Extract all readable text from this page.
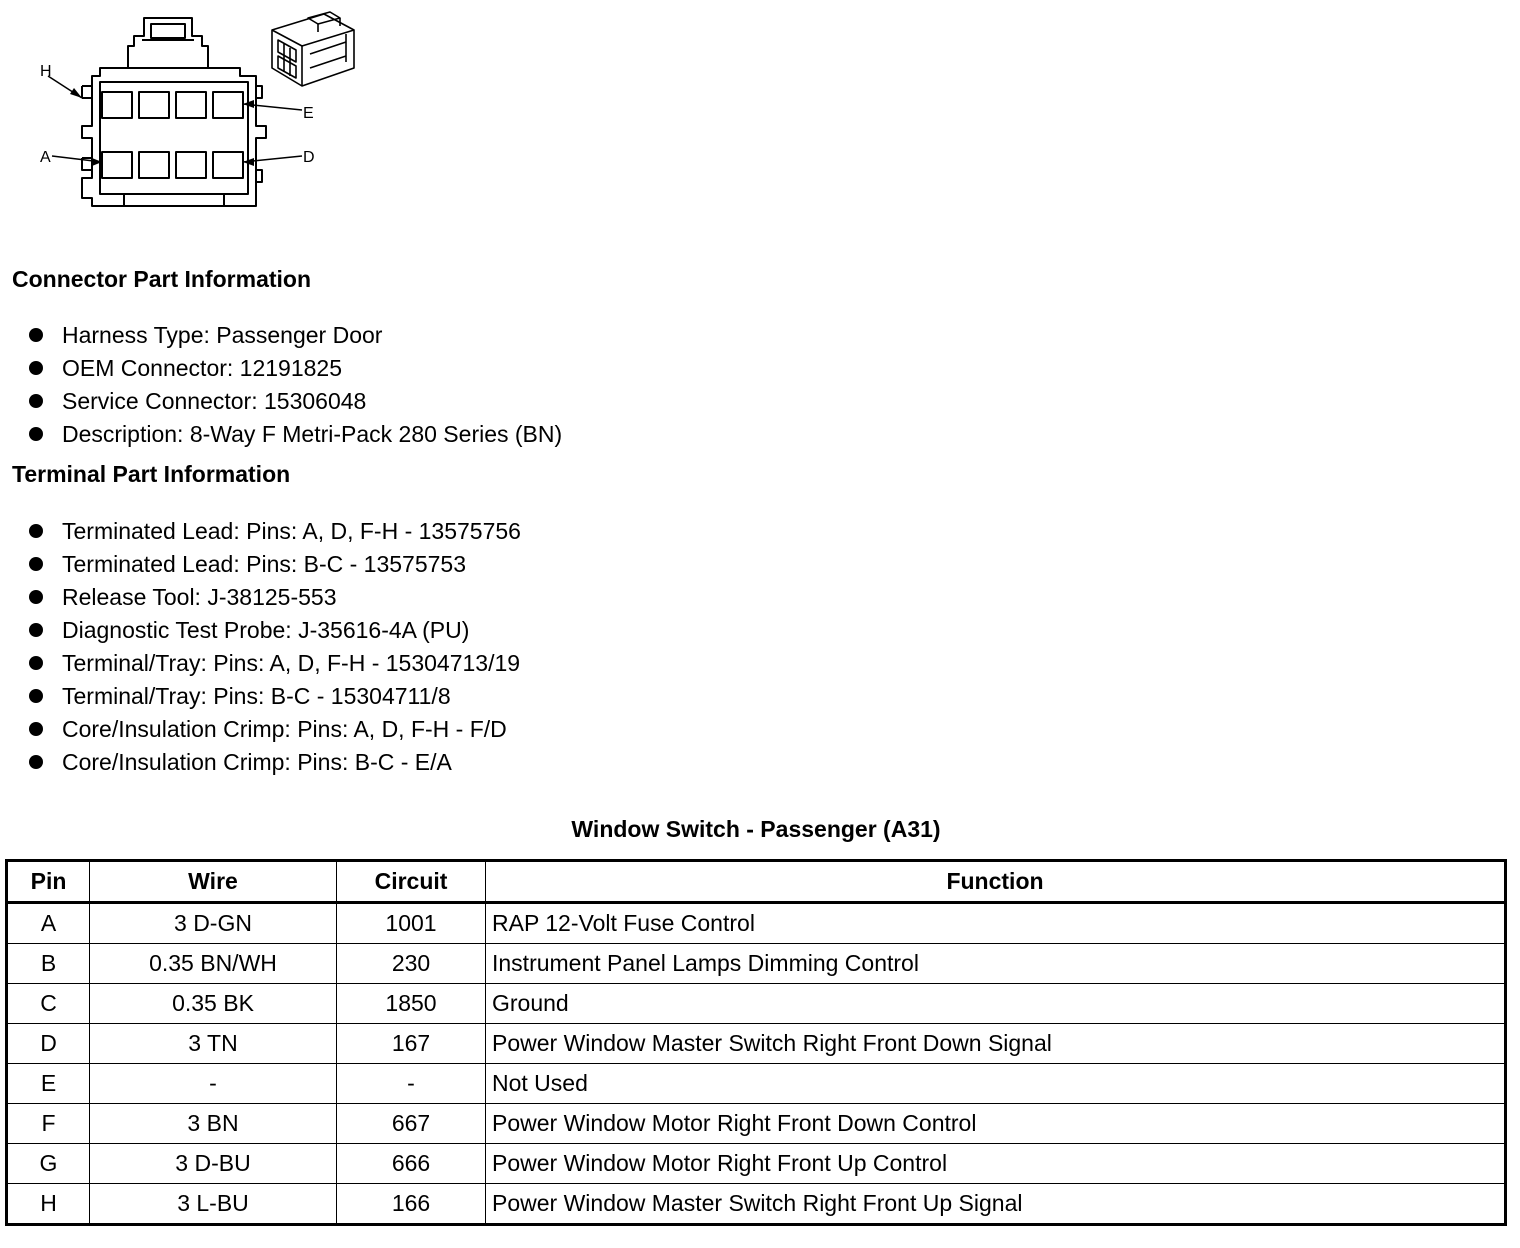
H
E
A	D
Connector Part Information
Harness Type: Passenger Door
OEM Connector: 12191825
Service Connector: 15306048
Description: 8-Way F Metri-Pack 280 Series (BN)
Terminal Part Information
Terminated Lead: Pins: A, D, F-H - 13575756
Terminated Lead: Pins: B-C - 13575753
Release Tool: J-38125-553
Diagnostic Test Probe: J-35616-4A (PU)
Terminal/Tray: Pins: A, D, F-H - 15304713/19
Terminal/Tray: Pins: B-C - 15304711/8
Core/Insulation Crimp: Pins: A, D, F-H - F/D
Core/Insulation Crimp: Pins: B-C - E/A
Window Switch - Passenger (A31)
Pin	Wire	Circuit	Function
A	3 D-GN	1001	RAP 12-Volt Fuse Control
B	0.35 BN/WH	230	Instrument Panel Lamps Dimming Control
C	0.35 BK	1850	Ground
D	3 TN	167	Power Window Master Switch Right Front Down Signal
E	-	-	Not Used
F	3 BN	667	Power Window Motor Right Front Down Control
G	3 D-BU	666	Power Window Motor Right Front Up Control
H	3 L-BU	166	Power Window Master Switch Right Front Up Signal
